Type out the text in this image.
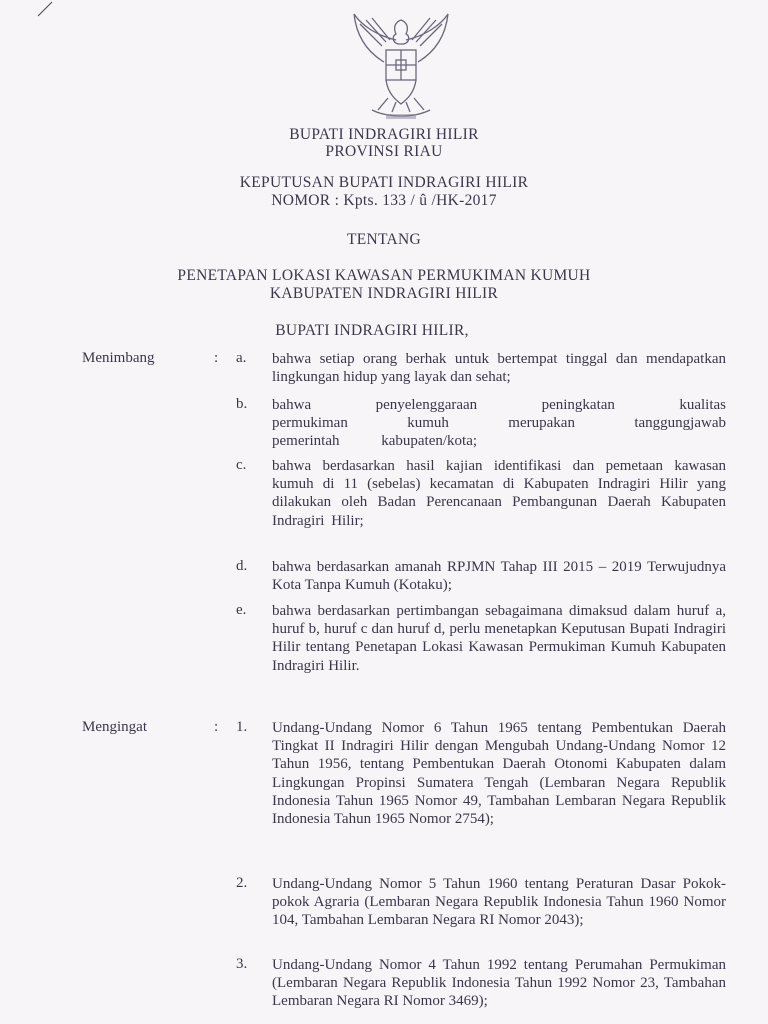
BUPATI INDRAGIRI HILIR
PROVINSI RIAU
KEPUTUSAN BUPATI INDRAGIRI HILIR
NOMOR : Kpts. 133 / û /HK-2017
TENTANG
PENETAPAN LOKASI KAWASAN PERMUKIMAN KUMUH
KABUPATEN INDRAGIRI HILIR
BUPATI INDRAGIRI HILIR,
Menimbang	: a. bahwa setiap orang berhak untuk bertempat tinggal dan mendapatkan lingkungan hidup yang layak dan sehat;
b. bahwa penyelenggaraan peningkatan kualitas permukiman kumuh merupakan tanggungjawab pemerintah kabupaten/kota;
c. bahwa berdasarkan hasil kajian identifikasi dan pemetaan kawasan kumuh di 11 (sebelas) kecamatan di Kabupaten Indragiri Hilir yang dilakukan oleh Badan Perencanaan Pembangunan Daerah Kabupaten Indragiri Hilir;
d. bahwa berdasarkan amanah RPJMN Tahap III 2015 – 2019 Terwujudnya Kota Tanpa Kumuh (Kotaku);
e. bahwa berdasarkan pertimbangan sebagaimana dimaksud dalam huruf a, huruf b, huruf c dan huruf d, perlu menetapkan Keputusan Bupati Indragiri Hilir tentang Penetapan Lokasi Kawasan Permukiman Kumuh Kabupaten Indragiri Hilir.
Mengingat	: 1. Undang-Undang Nomor 6 Tahun 1965 tentang Pembentukan Daerah Tingkat II Indragiri Hilir dengan Mengubah Undang-Undang Nomor 12 Tahun 1956, tentang Pembentukan Daerah Otonomi Kabupaten dalam Lingkungan Propinsi Sumatera Tengah (Lembaran Negara Republik Indonesia Tahun 1965 Nomor 49, Tambahan Lembaran Negara Republik Indonesia Tahun 1965 Nomor 2754);
2. Undang-Undang Nomor 5 Tahun 1960 tentang Peraturan Dasar Pokok-pokok Agraria (Lembaran Negara Republik Indonesia Tahun 1960 Nomor 104, Tambahan Lembaran Negara RI Nomor 2043);
3. Undang-Undang Nomor 4 Tahun 1992 tentang Perumahan Permukiman (Lembaran Negara Republik Indonesia Tahun 1992 Nomor 23, Tambahan Lembaran Negara RI Nomor 3469);
